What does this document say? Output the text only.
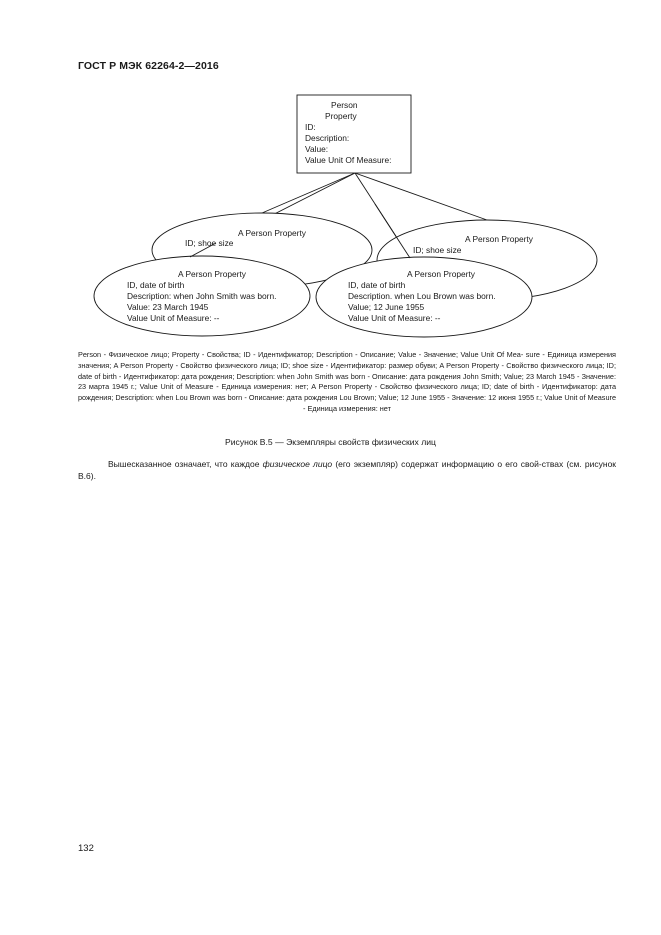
ГОСТ Р МЭК 62264-2—2016
A Person Property
ID; shoe size	A Person Property
ID; shoe size
A Person Property
ID, date of birth
Description: when John Smith was born.
Value: 23 March 1945
Value Unit of Measure: --
A Person Property
ID, date of birth
Description. when Lou Brown was born.
Value; 12 June 1955
Value Unit of Measure: --
Person
Property
ID:
Description:
Value:
Value Unit Of Measure:
Person - Физическое лицо; Property - Свойства; ID - Идентификатор; Description - Описание; Value - Значение; Value Unit Of Mea- sure - Единица измерения значения; A Person Property - Свойство физического лица; ID; shoe size - Идентификатор: размер обуви; A Person Property - Свойство физического лица; ID; date of birth - Идентификатор: дата рождения; Description: when John Smith was born - Описание: дата рождения John Smith; Value; 23 March 1945 - Значение: 23 марта 1945 г.; Value Unit of Measure - Единица измерения: нет; A Person Property - Свойство физического лица; ID; date of birth - Идентификатор: дата рождения; Description: when Lou Brown was born - Описание: дата рождения Lou Brown; Value; 12 June 1955 - Значение: 12 июня 1955 г.; Value Unit of Measure - Единица измерения: нет
Рисунок В.5 — Экземпляры свойств физических лиц
Вышесказанное означает, что каждое физическое лицо (его экземпляр) содержат информацию о его свой-ствах (см. рисунок В.6).
132
